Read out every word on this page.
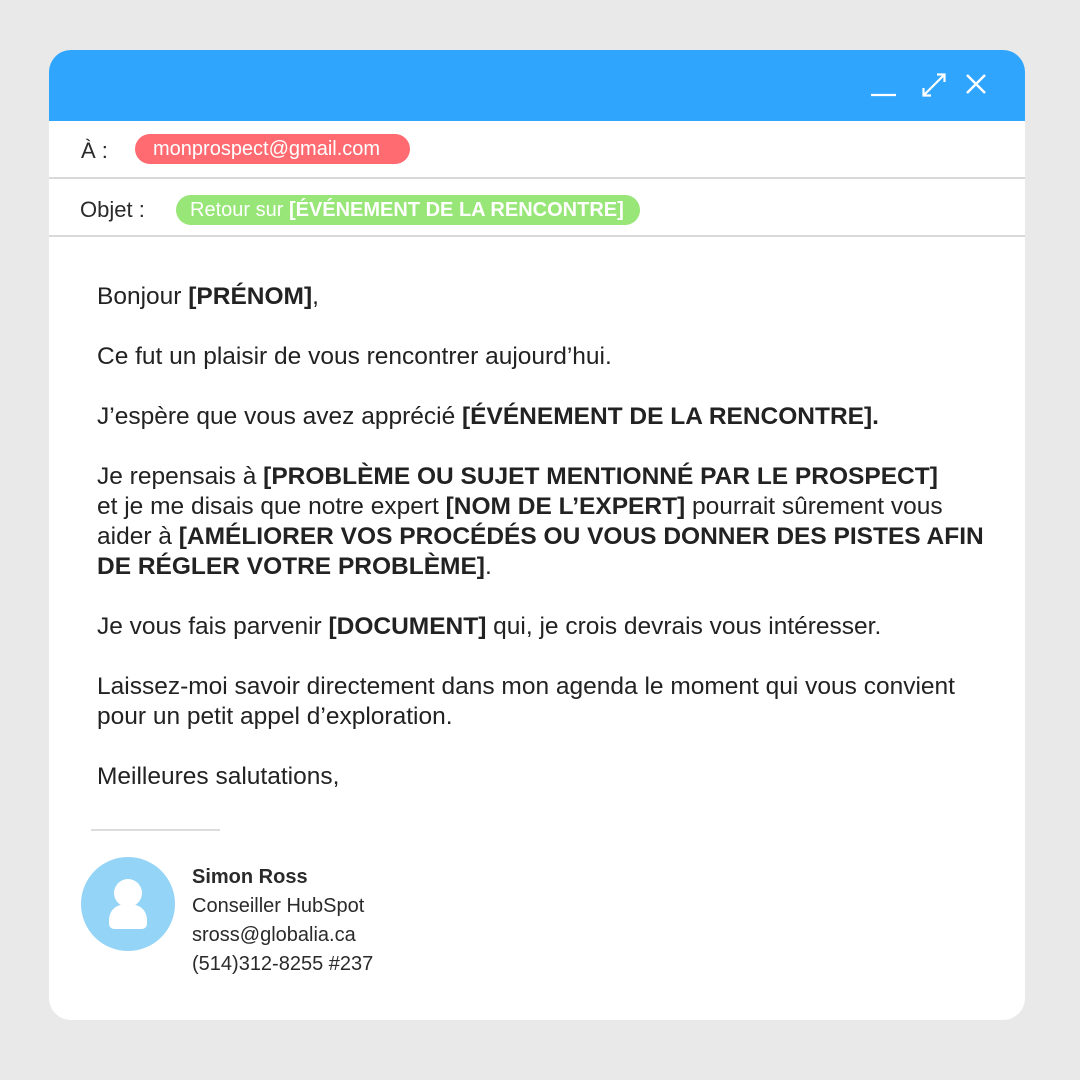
À :	monprospect@gmail.com
Objet :	Retour sur [ÉVÉNEMENT DE LA RENCONTRE]

Bonjour [PRÉNOM],

Ce fut un plaisir de vous rencontrer aujourd’hui.

J’espère que vous avez apprécié [ÉVÉNEMENT DE LA RENCONTRE].

Je repensais à [PROBLÈME OU SUJET MENTIONNÉ PAR LE PROSPECT]
et je me disais que notre expert [NOM DE L’EXPERT] pourrait sûrement vous aider à [AMÉLIORER VOS PROCÉDÉS OU VOUS DONNER DES PISTES AFIN DE RÉGLER VOTRE PROBLÈME].

Je vous fais parvenir [DOCUMENT] qui, je crois devrais vous intéresser.

Laissez-moi savoir directement dans mon agenda le moment qui vous convient pour un petit appel d’exploration.

Meilleures salutations,

Simon Ross
Conseiller HubSpot
sross@globalia.ca
(514)312-8255 #237
